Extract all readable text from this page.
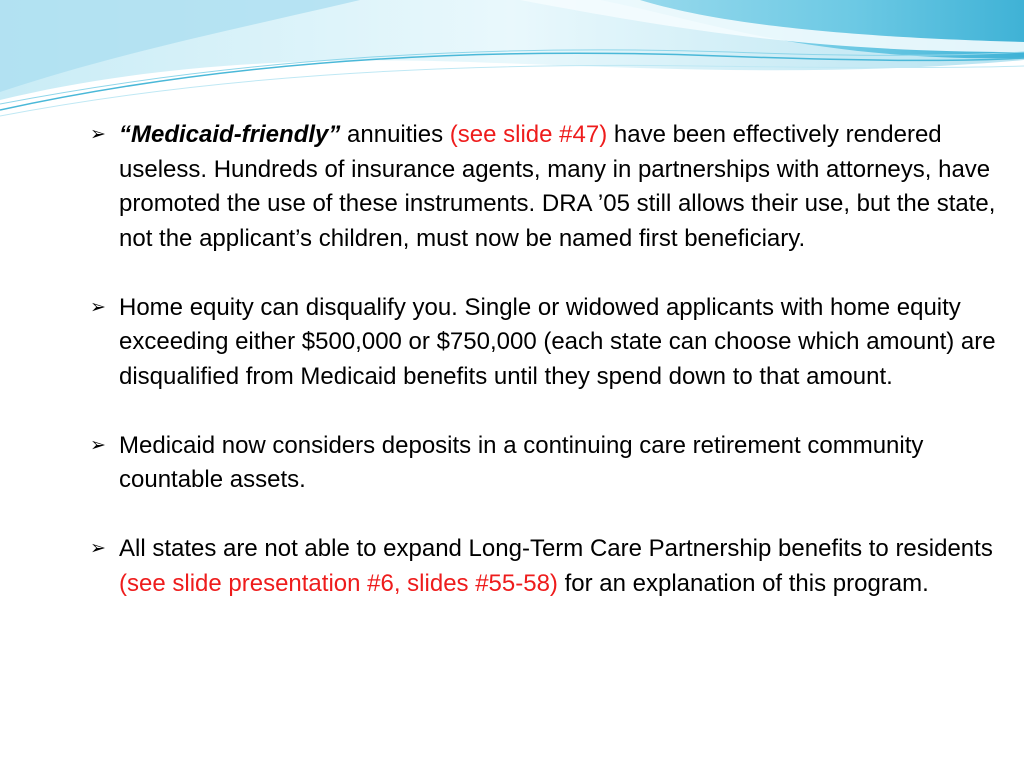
➢ “Medicaid-friendly” annuities (see slide #47) have been effectively rendered useless. Hundreds of insurance agents, many in partnerships with attorneys, have promoted the use of these instruments. DRA ’05 still allows their use, but the state, not the applicant’s children, must now be named first beneficiary.
➢ Home equity can disqualify you. Single or widowed applicants with home equity exceeding either $500,000 or $750,000 (each state can choose which amount) are disqualified from Medicaid benefits until they spend down to that amount.
➢ Medicaid now considers deposits in a continuing care retirement community countable assets.
➢ All states are not able to expand Long-Term Care Partnership benefits to residents (see slide presentation #6, slides #55-58) for an explanation of this program.
